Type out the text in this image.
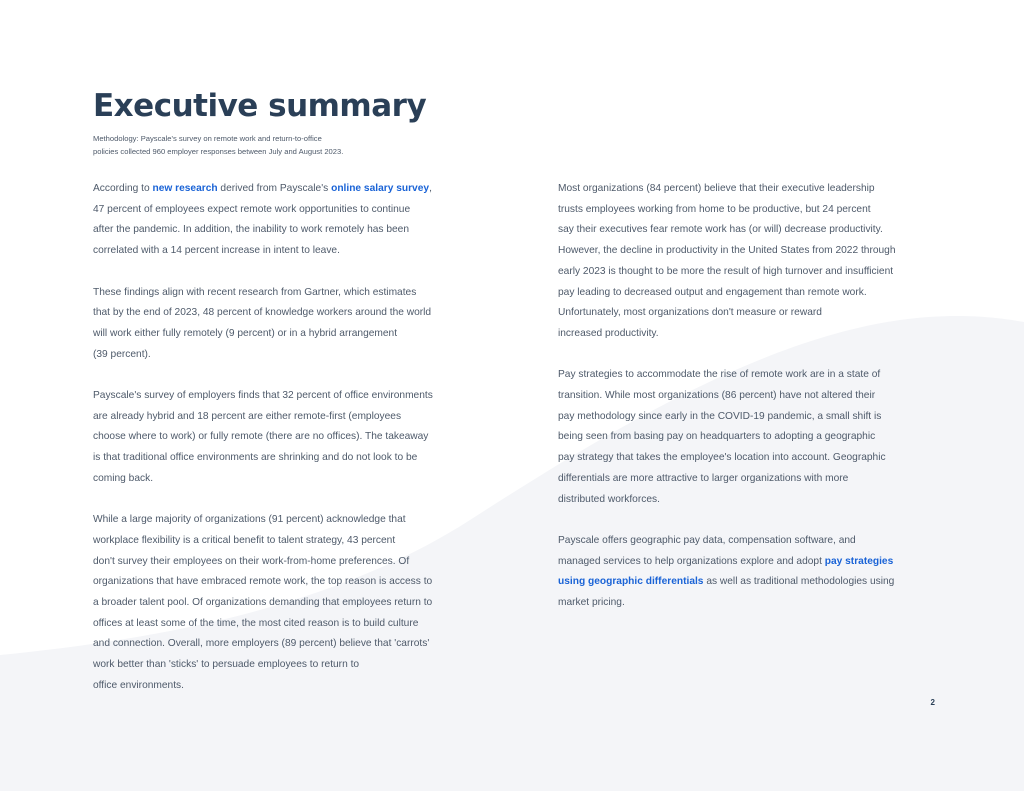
Executive summary
Methodology: Payscale's survey on remote work and return-to-office
policies collected 960 employer responses between July and August 2023.

According to new research derived from Payscale's online salary survey,
47 percent of employees expect remote work opportunities to continue
after the pandemic. In addition, the inability to work remotely has been
correlated with a 14 percent increase in intent to leave.

These findings align with recent research from Gartner, which estimates
that by the end of 2023, 48 percent of knowledge workers around the world
will work either fully remotely (9 percent) or in a hybrid arrangement
(39 percent).

Payscale's survey of employers finds that 32 percent of office environments
are already hybrid and 18 percent are either remote-first (employees
choose where to work) or fully remote (there are no offices). The takeaway
is that traditional office environments are shrinking and do not look to be
coming back.

While a large majority of organizations (91 percent) acknowledge that
workplace flexibility is a critical benefit to talent strategy, 43 percent
don't survey their employees on their work-from-home preferences. Of
organizations that have embraced remote work, the top reason is access to
a broader talent pool. Of organizations demanding that employees return to
offices at least some of the time, the most cited reason is to build culture
and connection. Overall, more employers (89 percent) believe that 'carrots'
work better than 'sticks' to persuade employees to return to
office environments.

Most organizations (84 percent) believe that their executive leadership
trusts employees working from home to be productive, but 24 percent
say their executives fear remote work has (or will) decrease productivity.
However, the decline in productivity in the United States from 2022 through
early 2023 is thought to be more the result of high turnover and insufficient
pay leading to decreased output and engagement than remote work.
Unfortunately, most organizations don't measure or reward
increased productivity.

Pay strategies to accommodate the rise of remote work are in a state of
transition. While most organizations (86 percent) have not altered their
pay methodology since early in the COVID-19 pandemic, a small shift is
being seen from basing pay on headquarters to adopting a geographic
pay strategy that takes the employee's location into account. Geographic
differentials are more attractive to larger organizations with more
distributed workforces.

Payscale offers geographic pay data, compensation software, and
managed services to help organizations explore and adopt pay strategies
using geographic differentials as well as traditional methodologies using
market pricing.

2
